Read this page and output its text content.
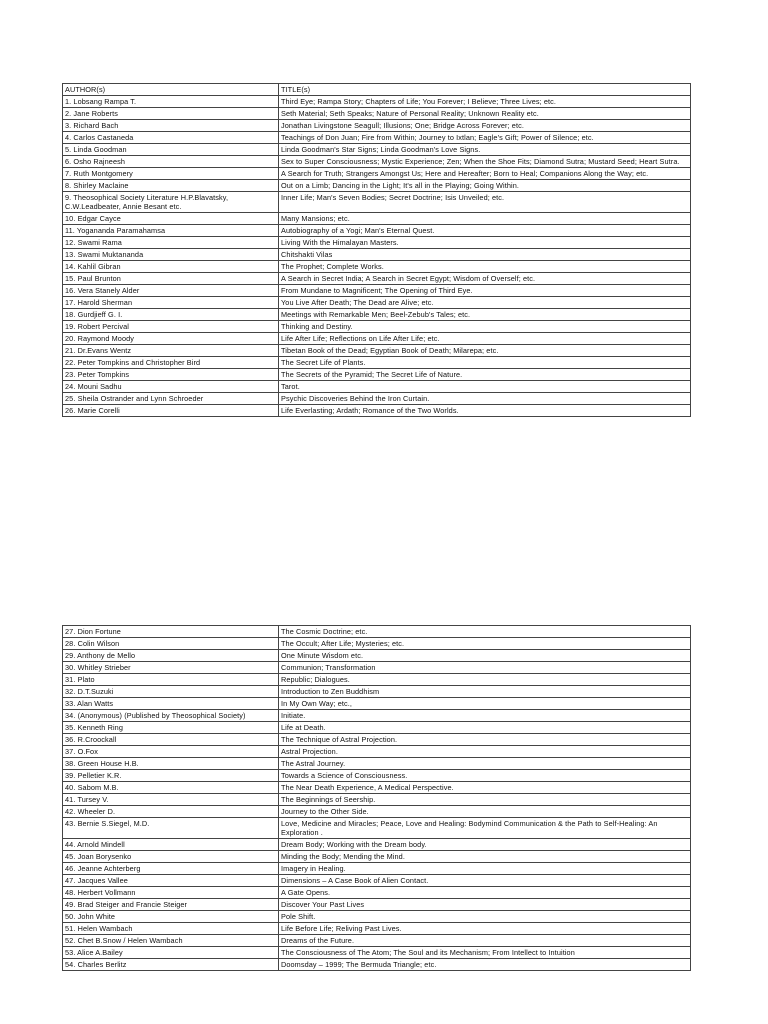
AUTHOR(s)	TITLE(s)
1. Lobsang Rampa T.	Third Eye; Rampa Story; Chapters of Life; You Forever; I Believe; Three Lives; etc.
2. Jane Roberts	Seth Material; Seth Speaks; Nature of Personal Reality; Unknown Reality etc.
3. Richard Bach	Jonathan Livingstone Seagull; Illusions; One; Bridge Across Forever; etc.
4. Carlos Castaneda	Teachings of Don Juan; Fire from Within; Journey to Ixtlan; Eagle's Gift; Power of Silence; etc.
5. Linda Goodman	Linda Goodman's Star Signs; Linda Goodman's Love Signs.
6. Osho Rajneesh	Sex to Super Consciousness; Mystic Experience; Zen; When the Shoe Fits; Diamond Sutra; Mustard Seed; Heart Sutra.
7. Ruth Montgomery	A Search for Truth; Strangers Amongst Us; Here and Hereafter; Born to Heal; Companions Along the Way; etc.
8. Shirley Maclaine	Out on a Limb; Dancing in the Light; It's all in the Playing; Going Within.
9. Theosophical Society Literature H.P.Blavatsky, C.W.Leadbeater, Annie Besant etc.	Inner Life; Man's Seven Bodies; Secret Doctrine; Isis Unveiled; etc.
10. Edgar Cayce	Many Mansions; etc.
11. Yogananda Paramahamsa	Autobiography of a Yogi; Man's Eternal Quest.
12. Swami Rama	Living With the Himalayan Masters.
13. Swami Muktananda	Chitshakti Vilas
14. Kahlil Gibran	The Prophet; Complete Works.
15. Paul Brunton	A Search in Secret India; A Search in Secret Egypt; Wisdom of Overself; etc.
16. Vera Stanely Alder	From Mundane to Magnificent; The Opening of Third Eye.
17. Harold Sherman	You Live After Death; The Dead are Alive; etc.
18. Gurdjieff G. I.	Meetings with Remarkable Men; Beel-Zebub's Tales; etc.
19. Robert Percival	Thinking and Destiny.
20. Raymond Moody	Life After Life; Reflections on Life After Life; etc.
21. Dr.Evans Wentz	Tibetan Book of the Dead; Egyptian Book of Death; Milarepa; etc.
22. Peter Tompkins and Christopher Bird	The Secret Life of Plants.
23. Peter Tompkins	The Secrets of the Pyramid; The Secret Life of Nature.
24. Mouni Sadhu	Tarot.
25. Sheila Ostrander and Lynn Schroeder	Psychic Discoveries Behind the Iron Curtain.
26. Marie Corelli	Life Everlasting; Ardath; Romance of the Two Worlds.
27. Dion Fortune	The Cosmic Doctrine; etc.
28. Colin Wilson	The Occult; After Life; Mysteries; etc.
29. Anthony de Mello	One Minute Wisdom etc.
30. Whitley Strieber	Communion; Transformation
31. Plato	Republic; Dialogues.
32. D.T.Suzuki	Introduction to Zen Buddhism
33. Alan Watts	In My Own Way; etc.,
34. (Anonymous) (Published by Theosophical Society)	Initiate.
35. Kenneth Ring	Life at Death.
36. R.Croockall	The Technique of Astral Projection.
37. O.Fox	Astral Projection.
38. Green House H.B.	The Astral Journey.
39. Pelletier K.R.	Towards a Science of Consciousness.
40. Sabom M.B.	The Near Death Experience, A Medical Perspective.
41. Tursey V.	The Beginnings of Seership.
42. Wheeler D.	Journey to the Other Side.
43. Bernie S.Siegel, M.D.	Love, Medicine and Miracles; Peace, Love and Healing: Bodymind Communication & the Path to Self-Healing: An Exploration .
44. Arnold Mindell	Dream Body; Working with the Dream body.
45. Joan Borysenko	Minding the Body; Mending the Mind.
46. Jeanne Achterberg	Imagery in Healing.
47. Jacques Vallee	Dimensions – A Case Book of Alien Contact.
48. Herbert Vollmann	A Gate Opens.
49. Brad Steiger and Francie Steiger	Discover Your Past Lives
50. John White	Pole Shift.
51. Helen Wambach	Life Before Life; Reliving Past Lives.
52. Chet B.Snow / Helen Wambach	Dreams of the Future.
53. Alice A.Bailey	The Consciousness of The Atom; The Soul and its Mechanism; From Intellect to Intuition
54. Charles Berlitz	Doomsday – 1999; The Bermuda Triangle; etc.
